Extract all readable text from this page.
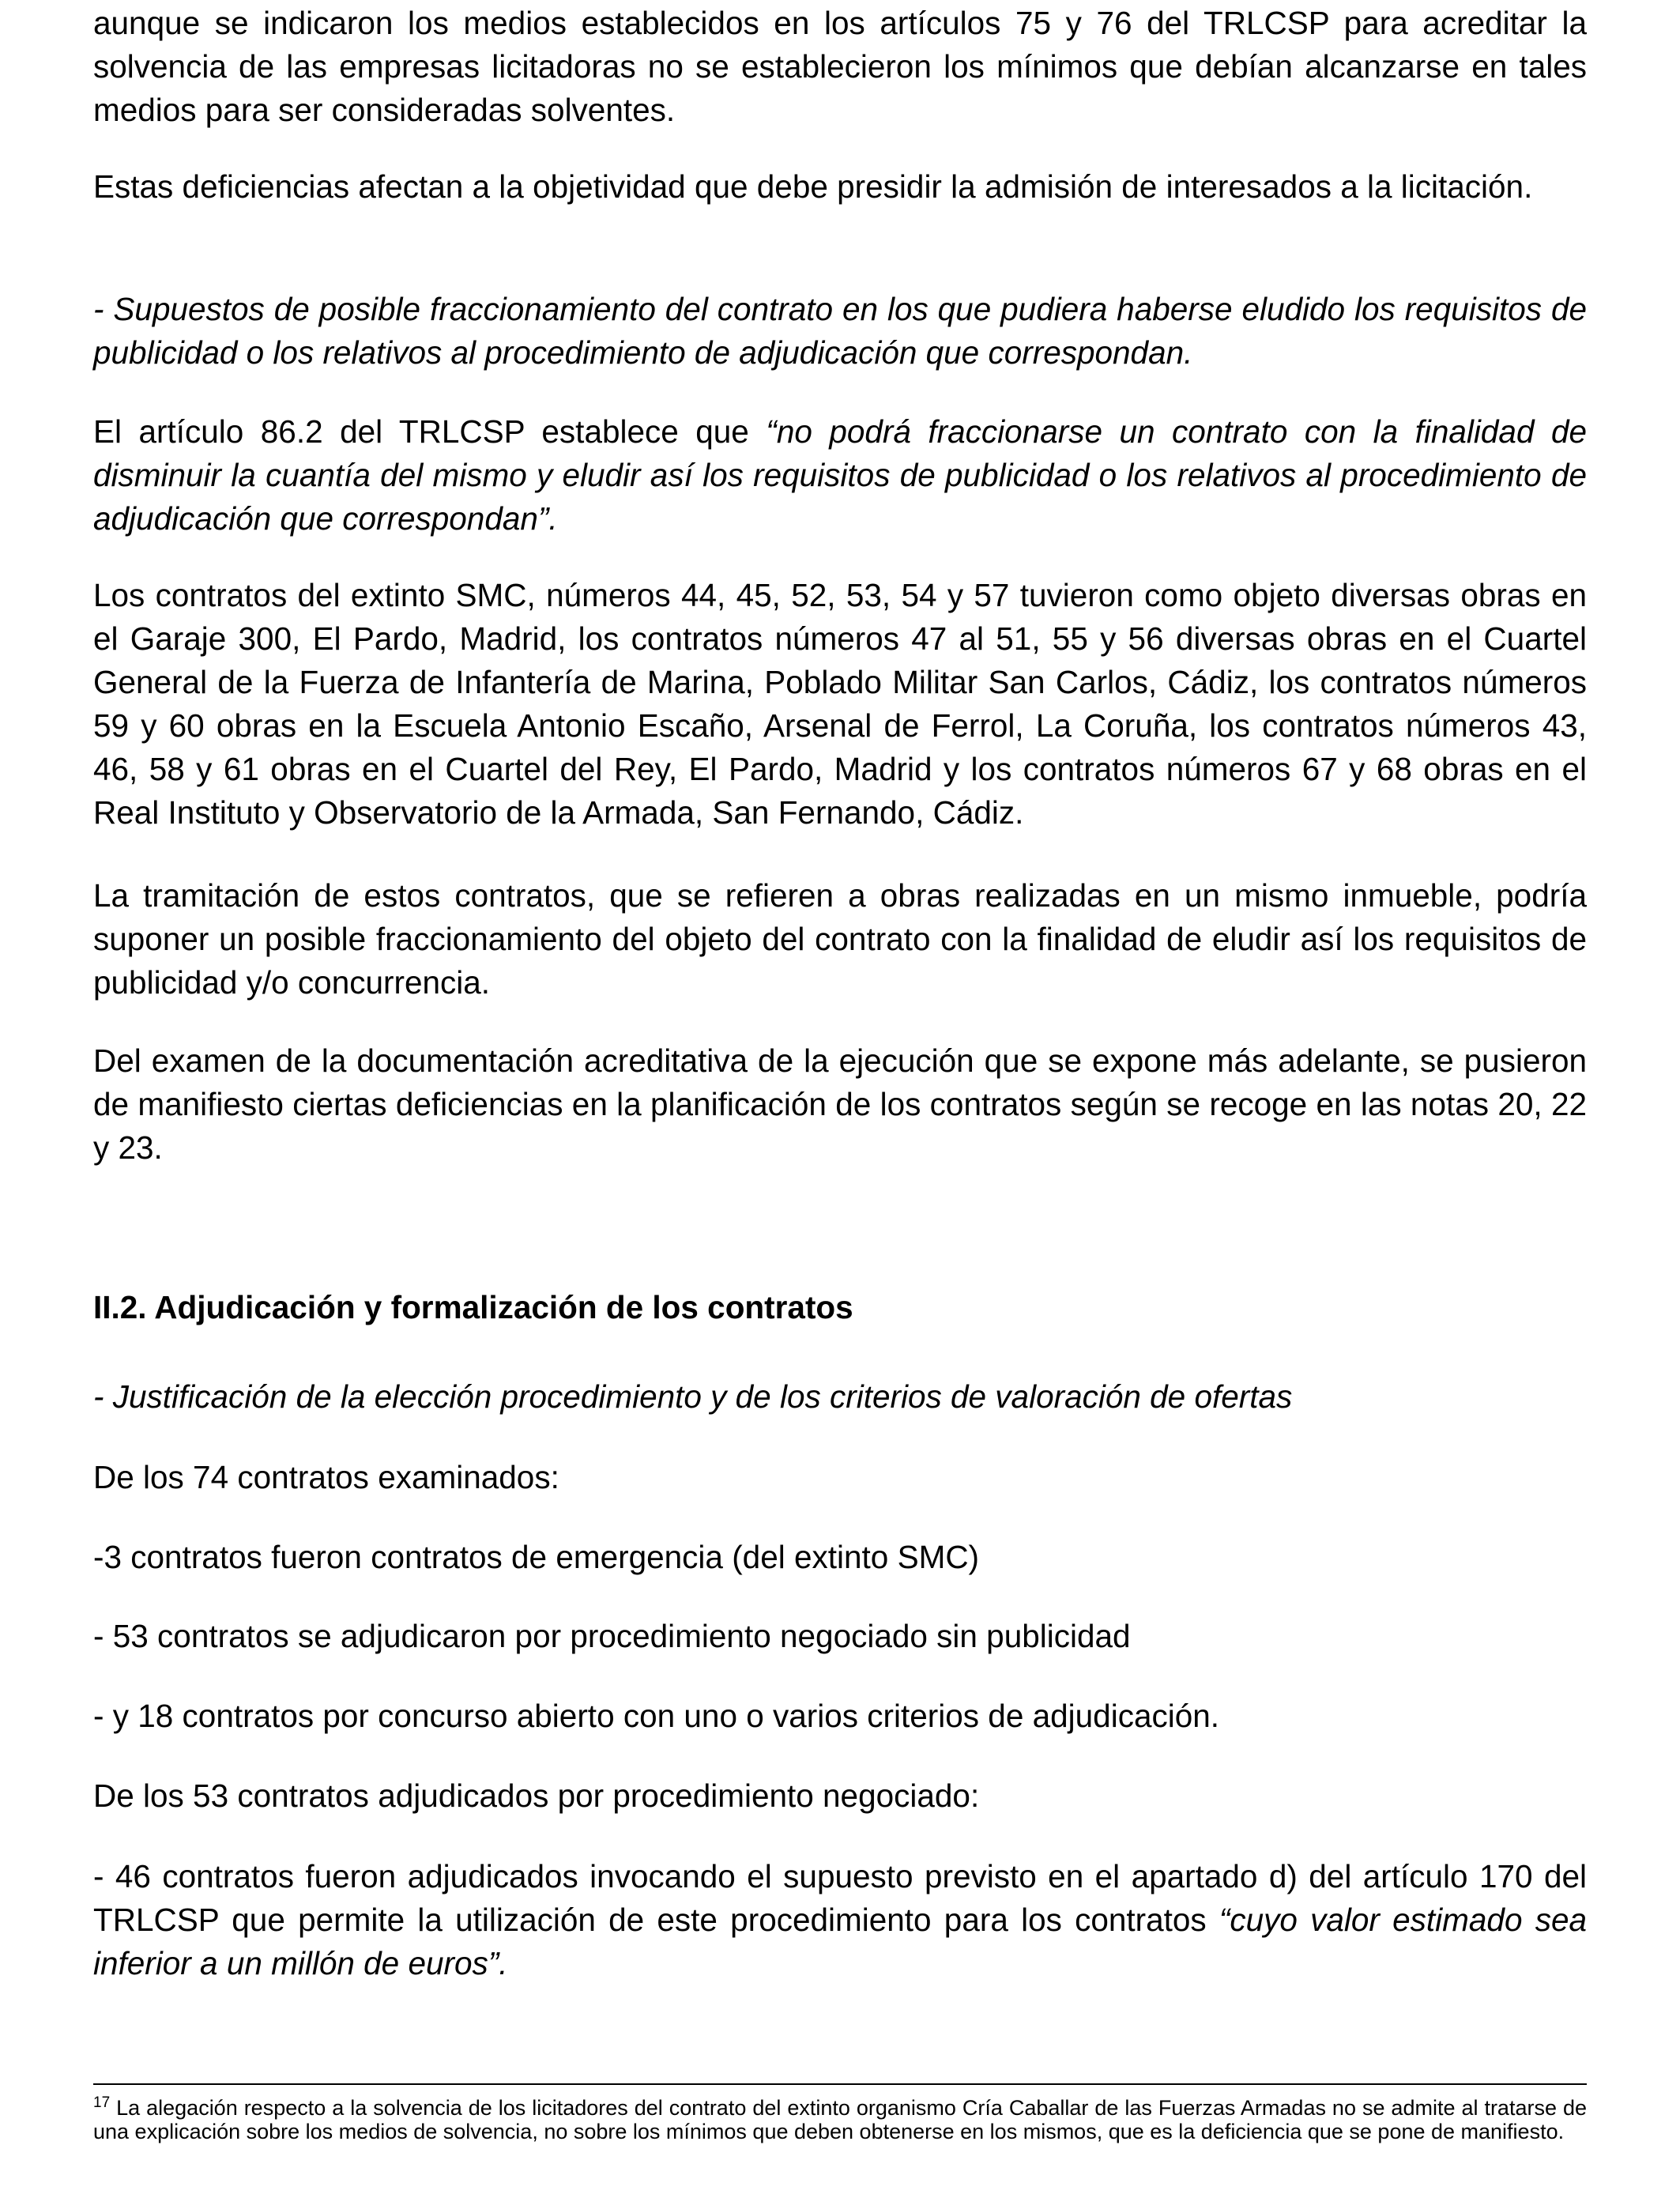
aunque se indicaron los medios establecidos en los artículos 75 y 76 del TRLCSP para acreditar la solvencia de las empresas licitadoras no se establecieron los mínimos que debían alcanzarse en tales medios para ser consideradas solventes.

Estas deficiencias afectan a la objetividad que debe presidir la admisión de interesados a la licitación.

- Supuestos de posible fraccionamiento del contrato en los que pudiera haberse eludido los requisitos de publicidad o los relativos al procedimiento de adjudicación que correspondan.

El artículo 86.2 del TRLCSP establece que “no podrá fraccionarse un contrato con la finalidad de disminuir la cuantía del mismo y eludir así los requisitos de publicidad o los relativos al procedimiento de adjudicación que correspondan”.

Los contratos del extinto SMC, números 44, 45, 52, 53, 54 y 57 tuvieron como objeto diversas obras en el Garaje 300, El Pardo, Madrid, los contratos números 47 al 51, 55 y 56 diversas obras en el Cuartel General de la Fuerza de Infantería de Marina, Poblado Militar San Carlos, Cádiz, los contratos números 59 y 60 obras en la Escuela Antonio Escaño, Arsenal de Ferrol, La Coruña, los contratos números 43, 46, 58 y 61 obras en el Cuartel del Rey, El Pardo, Madrid y los contratos números 67 y 68 obras en el Real Instituto y Observatorio de la Armada, San Fernando, Cádiz.

La tramitación de estos contratos, que se refieren a obras realizadas en un mismo inmueble, podría suponer un posible fraccionamiento del objeto del contrato con la finalidad de eludir así los requisitos de publicidad y/o concurrencia.

Del examen de la documentación acreditativa de la ejecución que se expone más adelante, se pusieron de manifiesto ciertas deficiencias en la planificación de los contratos según se recoge en las notas 20, 22 y 23.

II.2. Adjudicación y formalización de los contratos

- Justificación de la elección procedimiento y de los criterios de valoración de ofertas

De los 74 contratos examinados:

-3 contratos fueron contratos de emergencia (del extinto SMC)

- 53 contratos se adjudicaron por procedimiento negociado sin publicidad

- y 18 contratos por concurso abierto con uno o varios criterios de adjudicación.

De los 53 contratos adjudicados por procedimiento negociado:

- 46 contratos fueron adjudicados invocando el supuesto previsto en el apartado d) del artículo 170 del TRLCSP que permite la utilización de este procedimiento para los contratos “cuyo valor estimado sea inferior a un millón de euros”.

$^{17}$ La alegación respecto a la solvencia de los licitadores del contrato del extinto organismo Cría Caballar de las Fuerzas Armadas no se admite al tratarse de una explicación sobre los medios de solvencia, no sobre los mínimos que deben obtenerse en los mismos, que es la deficiencia que se pone de manifiesto.
